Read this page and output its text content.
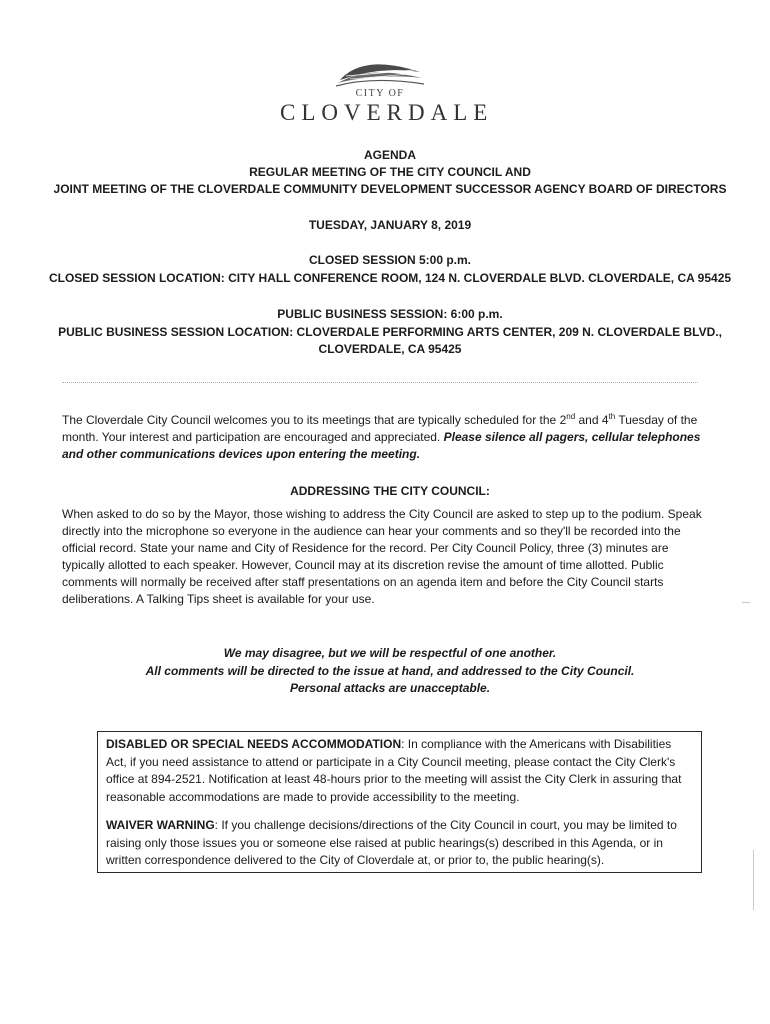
CITY OF
CLOVERDALE
AGENDA
REGULAR MEETING OF THE CITY COUNCIL AND
JOINT MEETING OF THE CLOVERDALE COMMUNITY DEVELOPMENT SUCCESSOR AGENCY BOARD OF DIRECTORS
TUESDAY, JANUARY 8, 2019
CLOSED SESSION 5:00 p.m.
CLOSED SESSION LOCATION: CITY HALL CONFERENCE ROOM, 124 N. CLOVERDALE BLVD. CLOVERDALE, CA 95425
PUBLIC BUSINESS SESSION: 6:00 p.m.
PUBLIC BUSINESS SESSION LOCATION: CLOVERDALE PERFORMING ARTS CENTER, 209 N. CLOVERDALE BLVD.,
CLOVERDALE, CA 95425

The Cloverdale City Council welcomes you to its meetings that are typically scheduled for the 2nd and 4th Tuesday of the month. Your interest and participation are encouraged and appreciated. Please silence all pagers, cellular telephones and other communications devices upon entering the meeting.

ADDRESSING THE CITY COUNCIL:

When asked to do so by the Mayor, those wishing to address the City Council are asked to step up to the podium. Speak directly into the microphone so everyone in the audience can hear your comments and so they'll be recorded into the official record. State your name and City of Residence for the record. Per City Council Policy, three (3) minutes are typically allotted to each speaker. However, Council may at its discretion revise the amount of time allotted. Public comments will normally be received after staff presentations on an agenda item and before the City Council starts deliberations. A Talking Tips sheet is available for your use.

We may disagree, but we will be respectful of one another.
All comments will be directed to the issue at hand, and addressed to the City Council.
Personal attacks are unacceptable.

DISABLED OR SPECIAL NEEDS ACCOMMODATION: In compliance with the Americans with Disabilities Act, if you need assistance to attend or participate in a City Council meeting, please contact the City Clerk's office at 894-2521. Notification at least 48-hours prior to the meeting will assist the City Clerk in assuring that reasonable accommodations are made to provide accessibility to the meeting.

WAIVER WARNING: If you challenge decisions/directions of the City Council in court, you may be limited to raising only those issues you or someone else raised at public hearings(s) described in this Agenda, or in written correspondence delivered to the City of Cloverdale at, or prior to, the public hearing(s).
